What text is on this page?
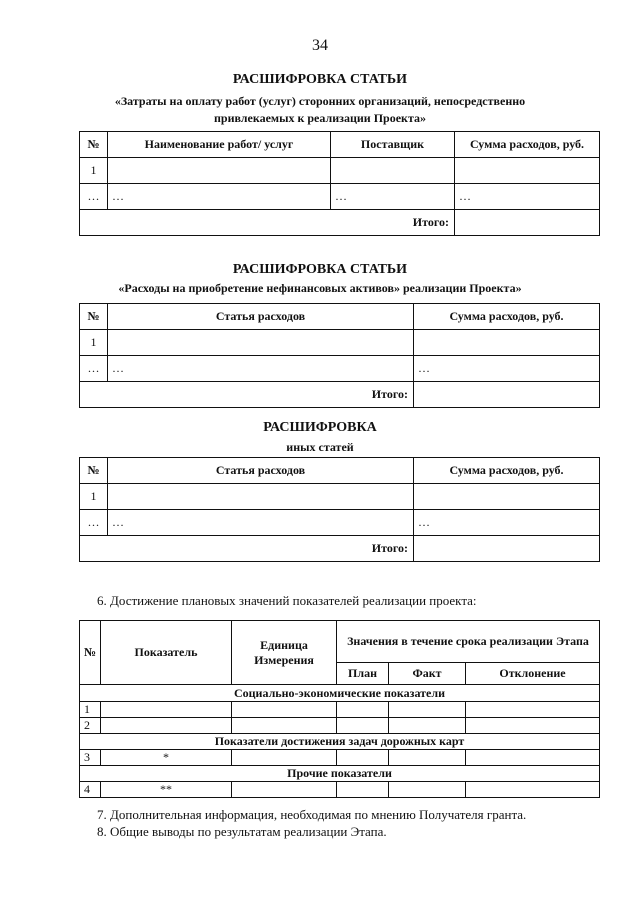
34
РАСШИФРОВКА СТАТЬИ
«Затраты на оплату работ (услуг) сторонних организаций, непосредственно
привлекаемых к реализации Проекта»
№	Наименование работ/ услуг	Поставщик	Сумма расходов, руб.
1			
…	…	…	…
Итого:			
РАСШИФРОВКА СТАТЬИ
«Расходы на приобретение нефинансовых активов» реализации Проекта»
№	Статья расходов	Сумма расходов, руб.
1		
…	…	…
Итого:		
РАСШИФРОВКА
иных статей
№	Статья расходов	Сумма расходов, руб.
1		
…	…	…
Итого:		
6. Достижение плановых значений показателей реализации проекта:
№	Показатель	Единица Измерения	Значения в течение срока реализации Этапа		
			План	Факт	Отклонение
Социально-экономические показатели					
1					
2					
Показатели достижения задач дорожных карт					
3	*				
Прочие показатели					
4	**				
7. Дополнительная информация, необходимая по мнению Получателя гранта.
8. Общие выводы по результатам реализации Этапа.
